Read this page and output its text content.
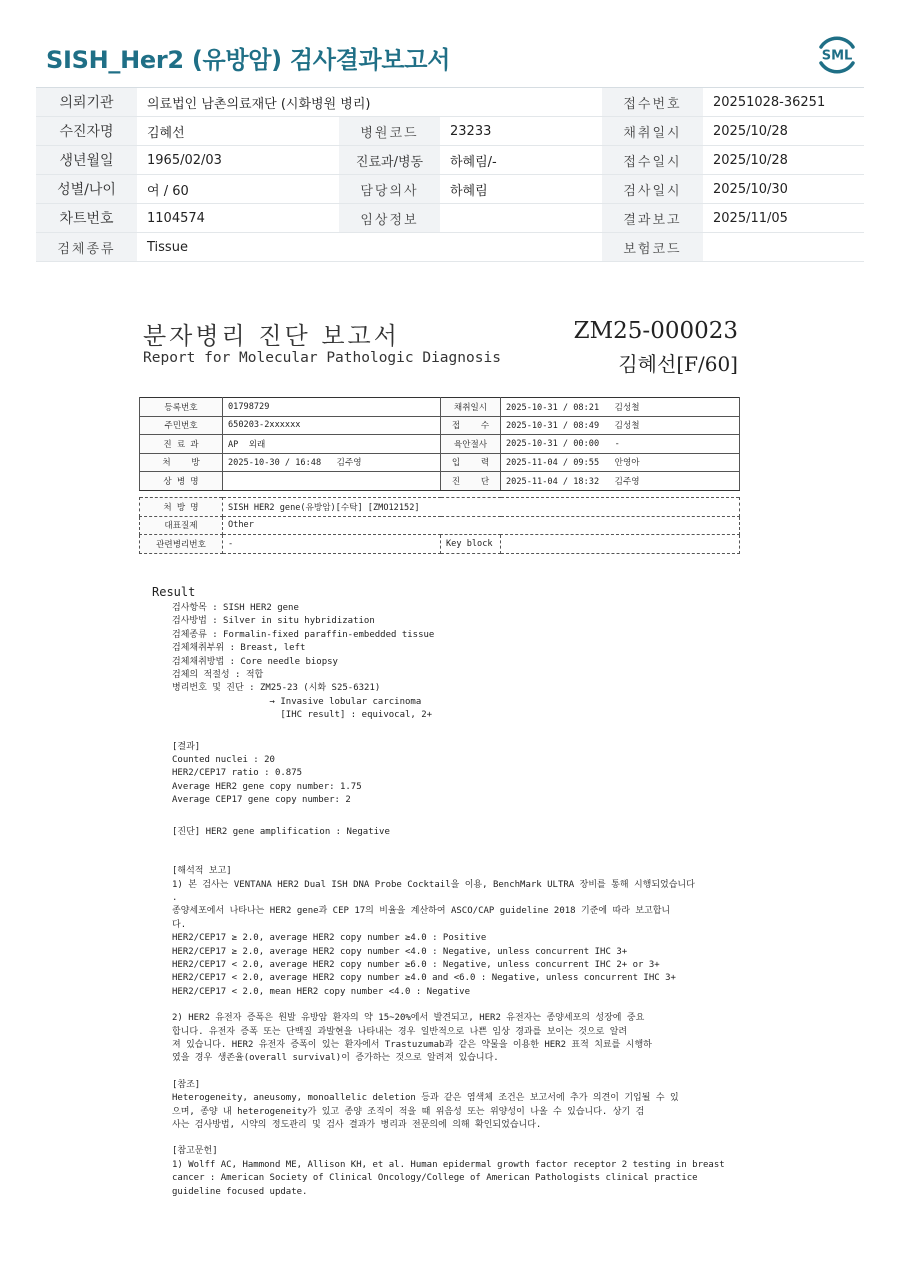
SISH_Her2 (유방암) 검사결과보고서	SML
의뢰기관	의료법인 남촌의료재단 (시화병원 병리)			접수번호	20251028-36251
수진자명	김혜선	병원코드	23233	채취일시	2025/10/28
생년월일	1965/02/03	진료과/병동	하혜림/-	접수일시	2025/10/28
성별/나이	여 / 60	담당의사	하혜림	검사일시	2025/10/30
차트번호	1104574	임상정보		결과보고	2025/11/05
검체종류	Tissue			보험코드	
분자병리 진단 보고서
Report for Molecular Pathologic Diagnosis
ZM25-000023
김혜선[F/60]
등록번호	01798729	채취일시	2025-10-31 / 08:21   김성철
주민번호	650203-2xxxxxx	접    수	2025-10-31 / 08:49   김성철
진 료 과	AP  외래	육안절사	2025-10-31 / 00:00   -
처    방	2025-10-30 / 16:48   김주영	입    력	2025-11-04 / 09:55   안영아
상 병 명		진    단	2025-11-04 / 18:32   김주영
처 방 명	SISH HER2 gene(유방암)[수탁] [ZMO12152]		
대표질제	Other		
관련병리번호	-	Key block	
Result
검사항목 : SISH HER2 gene
검사방법 : Silver in situ hybridization
검체종류 : Formalin-fixed paraffin-embedded tissue
검체채취부위 : Breast, left
검체채취방법 : Core needle biopsy
검체의 적절성 : 적합
병리번호 및 진단 : ZM25-23 (시화 S25-6321)
→ Invasive lobular carcinoma
[IHC result] : equivocal, 2+
[결과]
Counted nuclei : 20
HER2/CEP17 ratio : 0.875
Average HER2 gene copy number: 1.75
Average CEP17 gene copy number: 2
[진단] HER2 gene amplification : Negative
[해석적 보고]
1) 본 검사는 VENTANA HER2 Dual ISH DNA Probe Cocktail을 이용, BenchMark ULTRA 장비를 통해 시행되었습니다
.
종양세포에서 나타나는 HER2 gene과 CEP 17의 비율을 계산하여 ASCO/CAP guideline 2018 기준에 따라 보고합니
다.
HER2/CEP17 ≥ 2.0, average HER2 copy number ≥4.0 : Positive
HER2/CEP17 ≥ 2.0, average HER2 copy number <4.0 : Negative, unless concurrent IHC 3+
HER2/CEP17 < 2.0, average HER2 copy number ≥6.0 : Negative, unless concurrent IHC 2+ or 3+
HER2/CEP17 < 2.0, average HER2 copy number ≥4.0 and <6.0 : Negative, unless concurrent IHC 3+
HER2/CEP17 < 2.0, mean HER2 copy number <4.0 : Negative
2) HER2 유전자 증폭은 원발 유방암 환자의 약 15~20%에서 발견되고, HER2 유전자는 종양세포의 성장에 중요
합니다. 유전자 증폭 또는 단백질 과발현을 나타내는 경우 일반적으로 나쁜 임상 경과를 보이는 것으로 알려
져 있습니다. HER2 유전자 증폭이 있는 환자에서 Trastuzumab과 같은 약물을 이용한 HER2 표적 치료를 시행하
였을 경우 생존율(overall survival)이 증가하는 것으로 알려져 있습니다.
[참조]
Heterogeneity, aneusomy, monoallelic deletion 등과 같은 염색체 조건은 보고서에 추가 의견이 기입될 수 있
으며, 종양 내 heterogeneity가 있고 종양 조직이 적을 때 위음성 또는 위양성이 나올 수 있습니다. 상기 검
사는 검사방법, 시약의 정도관리 및 검사 결과가 병리과 전문의에 의해 확인되었습니다.
[참고문헌]
1) Wolff AC, Hammond ME, Allison KH, et al. Human epidermal growth factor receptor 2 testing in breast
cancer : American Society of Clinical Oncology/College of American Pathologists clinical practice
guideline focused update.
